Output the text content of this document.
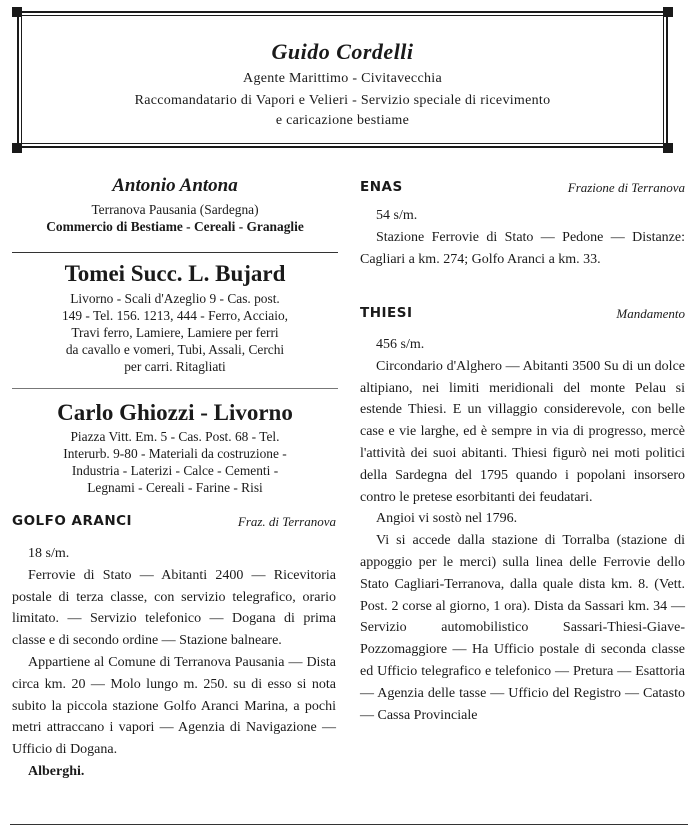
Guido Cordelli
Agente Marittimo - Civitavecchia
Raccomandatario di Vapori e Velieri - Servizio speciale di ricevimento
e caricazione bestiame
Antonio Antona
Terranova Pausania (Sardegna)
Commercio di Bestiame - Cereali - Granaglie
Tomei Succ. L. Bujard
Livorno - Scali d'Azeglio 9 - Cas. post.
149 - Tel. 156. 1213, 444 - Ferro, Acciaio,
Travi ferro, Lamiere, Lamiere per ferri
da cavallo e vomeri, Tubi, Assali, Cerchi
per carri. Ritagliati
Carlo Ghiozzi - Livorno
Piazza Vitt. Em. 5 - Cas. Post. 68 - Tel.
Interurb. 9-80 - Materiali da costruzione -
Industria - Laterizi - Calce - Cementi -
Legnami - Cereali - Farine - Risi
GOLFO ARANCI	Fraz. di Terranova
18 s/m.
Ferrovie di Stato — Abitanti 2400 — Ricevitoria postale di terza classe, con servizio telegrafico, orario limitato. — Servizio telefonico — Dogana di prima classe e di secondo ordine — Stazione balneare.
Appartiene al Comune di Terranova Pausania — Dista circa km. 20 — Molo lungo m. 250. su di esso si nota subito la piccola stazione Golfo Aranci Marina, a pochi metri attraccano i vapori — Agenzia di Navigazione — Ufficio di Dogana.
Alberghi.
ENAS	Frazione di Terranova
54 s/m.
Stazione Ferrovie di Stato — Pedone — Distanze: Cagliari a km. 274; Golfo Aranci a km. 33.
THIESI	Mandamento
456 s/m.
Circondario d'Alghero — Abitanti 3500 Su di un dolce altipiano, nei limiti meridionali del monte Pelau si estende Thiesi. E un villaggio considerevole, con belle case e vie larghe, ed è sempre in via di progresso, mercè l'attività dei suoi abitanti. Thiesi figurò nei moti politici della Sardegna del 1795 quando i popolani insorsero contro le pretese esorbitanti dei feudatari.
Angioi vi sostò nel 1796.
Vi si accede dalla stazione di Torralba (stazione di appoggio per le merci) sulla linea delle Ferrovie dello Stato Cagliari-Terranova, dalla quale dista km. 8. (Vett. Post. 2 corse al giorno, 1 ora). Dista da Sassari km. 34 — Servizio automobilistico Sassari-Thiesi-Giave-Pozzomaggiore — Ha Ufficio postale di seconda classe ed Ufficio telegrafico e telefonico — Pretura — Esattoria — Agenzia delle tasse — Ufficio del Registro — Catasto — Cassa Provinciale
